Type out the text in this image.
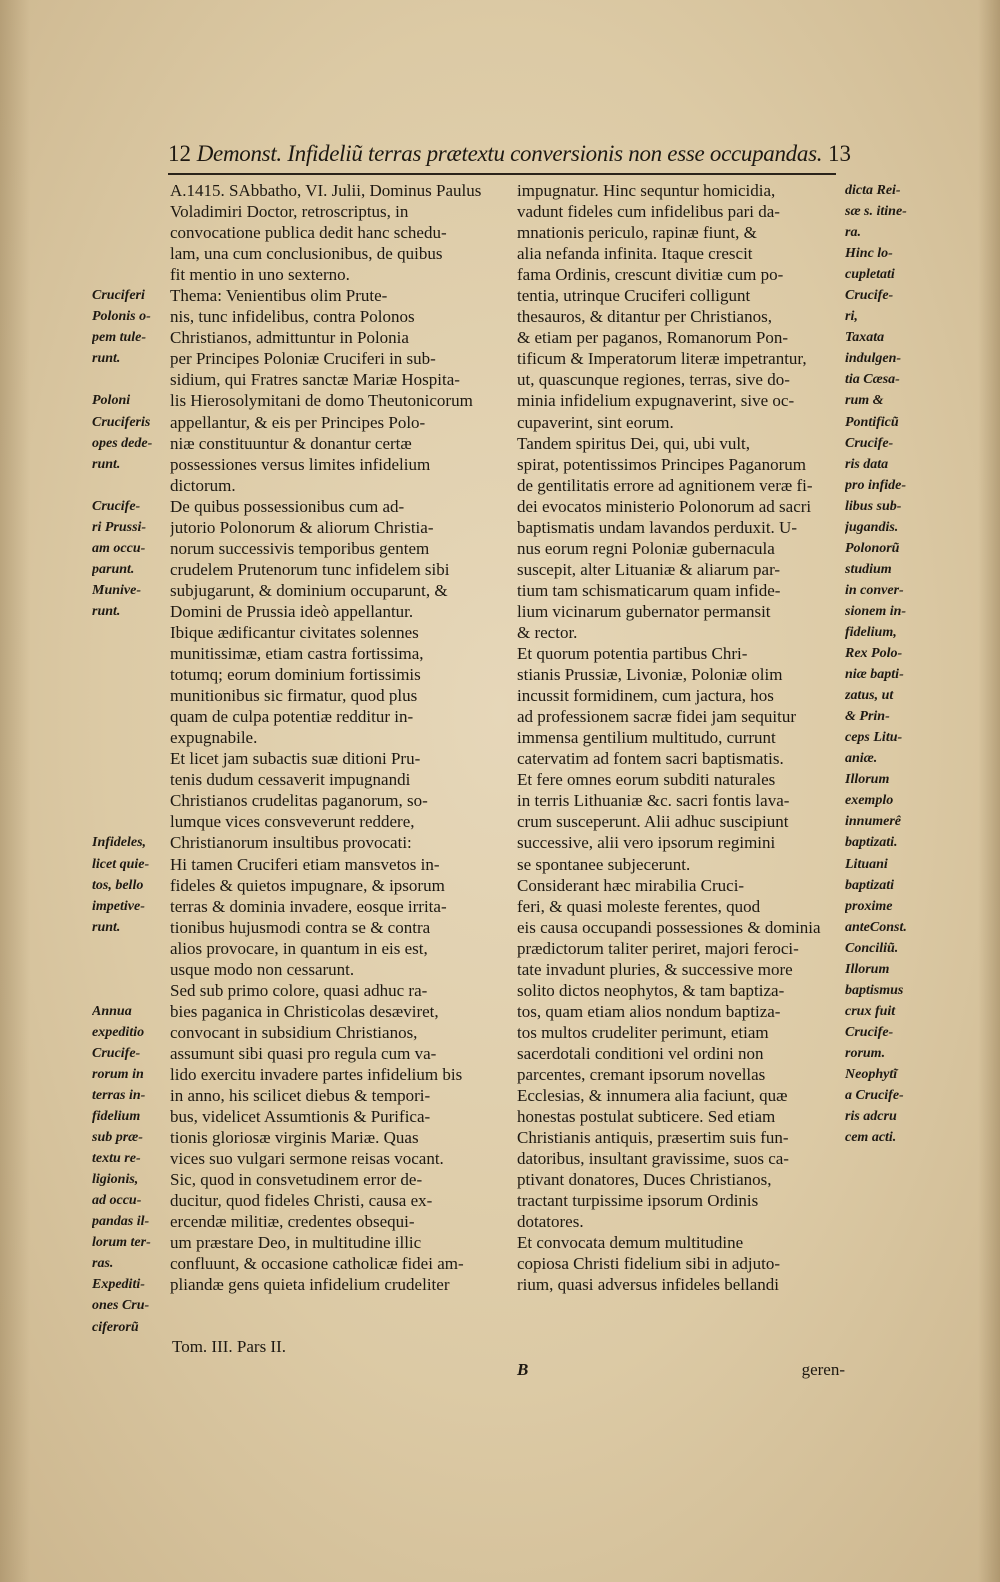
12 Demonst. Infideliũ terras prætextu conversionis non esse occupandas. 13
Cruciferi
Polonis o-
pem tule-
runt.
Poloni
Cruciferis
opes dede-
runt.
Crucife-
ri Prussi-
am occu-
parunt.
Munive-
runt.
Infideles,
licet quie-
tos, bello
impetive-
runt.
Annua
expeditio
Crucife-
rorum in
terras in-
fidelium
sub præ-
textu re-
ligionis,
ad occu-
pandas il-
lorum ter-
ras.
Expediti-
ones Cru-
ciferorũ
A.1415. SAbbatho, VI. Julii, Dominus Paulus
Voladimiri Doctor, retroscriptus, in
convocatione publica dedit hanc schedu-
lam, una cum conclusionibus, de quibus
fit mentio in uno sexterno.
Thema: Venientibus olim Prute-
nis, tunc infidelibus, contra Polonos
Christianos, admittuntur in Polonia
per Principes Poloniæ Cruciferi in sub-
sidium, qui Fratres sanctæ Mariæ Hospita-
lis Hierosolymitani de domo Theutonicorum
appellantur, & eis per Principes Polo-
niæ constituuntur & donantur certæ
possessiones versus limites infidelium
dictorum.
De quibus possessionibus cum ad-
jutorio Polonorum & aliorum Christia-
norum successivis temporibus gentem
crudelem Prutenorum tunc infidelem sibi
subjugarunt, & dominium occuparunt, &
Domini de Prussia ideò appellantur.
Ibique ædificantur civitates solennes
munitissimæ, etiam castra fortissima,
totumq; eorum dominium fortissimis
munitionibus sic firmatur, quod plus
quam de culpa potentiæ redditur in-
expugnabile.
Et licet jam subactis suæ ditioni Pru-
tenis dudum cessaverit impugnandi
Christianos crudelitas paganorum, so-
lumque vices consveverunt reddere,
Christianorum insultibus provocati:
Hi tamen Cruciferi etiam mansvetos in-
fideles & quietos impugnare, & ipsorum
terras & dominia invadere, eosque irrita-
tionibus hujusmodi contra se & contra
alios provocare, in quantum in eis est,
usque modo non cessarunt.
Sed sub primo colore, quasi adhuc ra-
bies paganica in Christicolas desæviret,
convocant in subsidium Christianos,
assumunt sibi quasi pro regula cum va-
lido exercitu invadere partes infidelium bis
in anno, his scilicet diebus & tempori-
bus, videlicet Assumtionis & Purifica-
tionis gloriosæ virginis Mariæ. Quas
vices suo vulgari sermone reisas vocant.
Sic, quod in consvetudinem error de-
ducitur, quod fideles Christi, causa ex-
ercendæ militiæ, credentes obsequi-
um præstare Deo, in multitudine illic
confluunt, & occasione catholicæ fidei am-
pliandæ gens quieta infidelium crudeliter
impugnatur. Hinc sequntur homicidia,
vadunt fideles cum infidelibus pari da-
mnationis periculo, rapinæ fiunt, &
alia nefanda infinita. Itaque crescit
fama Ordinis, crescunt divitiæ cum po-
tentia, utrinque Cruciferi colligunt
thesauros, & ditantur per Christianos,
& etiam per paganos, Romanorum Pon-
tificum & Imperatorum literæ impetrantur,
ut, quascunque regiones, terras, sive do-
minia infidelium expugnaverint, sive oc-
cupaverint, sint eorum.
Tandem spiritus Dei, qui, ubi vult,
spirat, potentissimos Principes Paganorum
de gentilitatis errore ad agnitionem veræ fi-
dei evocatos ministerio Polonorum ad sacri
baptismatis undam lavandos perduxit. U-
nus eorum regni Poloniæ gubernacula
suscepit, alter Lituaniæ & aliarum par-
tium tam schismaticarum quam infide-
lium vicinarum gubernator permansit
& rector.
Et quorum potentia partibus Chri-
stianis Prussiæ, Livoniæ, Poloniæ olim
incussit formidinem, cum jactura, hos
ad professionem sacræ fidei jam sequitur
immensa gentilium multitudo, currunt
catervatim ad fontem sacri baptismatis.
Et fere omnes eorum subditi naturales
in terris Lithuaniæ &c. sacri fontis lava-
crum susceperunt. Alii adhuc suscipiunt
successive, alii vero ipsorum regimini
se spontanee subjecerunt.
Considerant hæc mirabilia Cruci-
feri, & quasi moleste ferentes, quod
eis causa occupandi possessiones & dominia
prædictorum taliter periret, majori feroci-
tate invadunt pluries, & successive more
solito dictos neophytos, & tam baptiza-
tos, quam etiam alios nondum baptiza-
tos multos crudeliter perimunt, etiam
sacerdotali conditioni vel ordini non
parcentes, cremant ipsorum novellas
Ecclesias, & innumera alia faciunt, quæ
honestas postulat subticere. Sed etiam
Christianis antiquis, præsertim suis fun-
datoribus, insultant gravissime, suos ca-
ptivant donatores, Duces Christianos,
tractant turpissime ipsorum Ordinis
dotatores.
Et convocata demum multitudine
copiosa Christi fidelium sibi in adjuto-
rium, quasi adversus infideles bellandi
dicta Rei-
sæ s. itine-
ra.
Hinc lo-
cupletati
Crucife-
ri,
Taxata
indulgen-
tia Cæsa-
rum &
Pontificũ
Crucife-
ris data
pro infide-
libus sub-
jugandis.
Polonorũ
studium
in conver-
sionem in-
fidelium,
Rex Polo-
niæ bapti-
zatus, ut
& Prin-
ceps Litu-
aniæ.
Illorum
exemplo
innumerê
baptizati.
Lituani
baptizati
proxime
anteConst.
Conciliũ.
Illorum
baptismus
crux fuit
Crucife-
rorum.
Neophytĩ
a Crucife-
ris adcru
cem acti.
Tom. III. Pars II.
B	geren-
